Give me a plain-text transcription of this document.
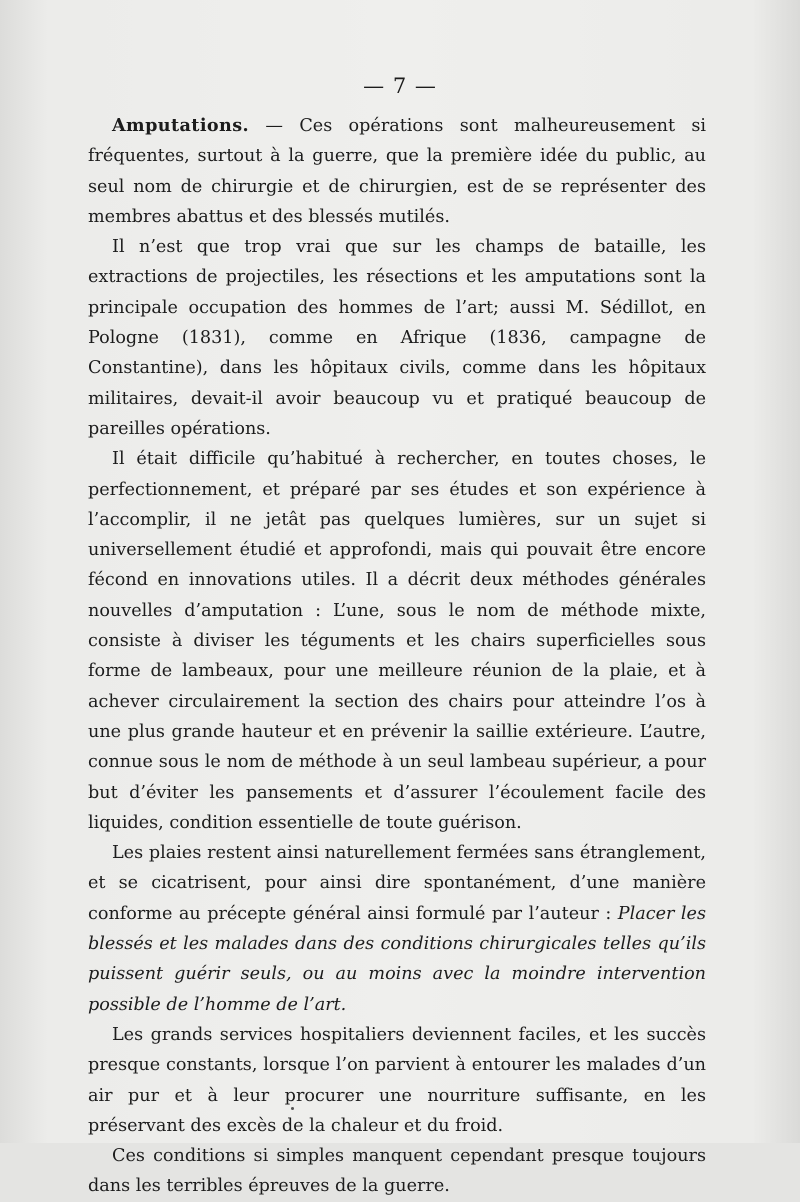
— 7 —

Amputations. — Ces opérations sont malheureusement si fréquentes, surtout à la guerre, que la première idée du public, au seul nom de chirurgie et de chirurgien, est de se représenter des membres abattus et des blessés mutilés.

Il n’est que trop vrai que sur les champs de bataille, les extractions de projectiles, les résections et les amputations sont la principale occupation des hommes de l’art; aussi M. Sédillot, en Pologne (1831), comme en Afrique (1836, campagne de Constantine), dans les hôpitaux civils, comme dans les hôpitaux militaires, devait-il avoir beaucoup vu et pratiqué beaucoup de pareilles opérations.

Il était difficile qu’habitué à rechercher, en toutes choses, le perfectionnement, et préparé par ses études et son expérience à l’accomplir, il ne jetât pas quelques lumières, sur un sujet si universellement étudié et approfondi, mais qui pouvait être encore fécond en innovations utiles. Il a décrit deux méthodes générales nouvelles d’amputation : L’une, sous le nom de méthode mixte, consiste à diviser les téguments et les chairs superficielles sous forme de lambeaux, pour une meilleure réunion de la plaie, et à achever circulairement la section des chairs pour atteindre l’os à une plus grande hauteur et en prévenir la saillie extérieure. L’autre, connue sous le nom de méthode à un seul lambeau supérieur, a pour but d’éviter les pansements et d’assurer l’écoulement facile des liquides, condition essentielle de toute guérison.

Les plaies restent ainsi naturellement fermées sans étranglement, et se cicatrisent, pour ainsi dire spontanément, d’une manière conforme au précepte général ainsi formulé par l’auteur : Placer les blessés et les malades dans des conditions chirurgicales telles qu’ils puissent guérir seuls, ou au moins avec la moindre intervention possible de l’homme de l’art.

Les grands services hospitaliers deviennent faciles, et les succès presque constants, lorsque l’on parvient à entourer les malades d’un air pur et à leur procurer une nourriture suffisante, en les préservant des excès de la chaleur et du froid.

Ces conditions si simples manquent cependant presque toujours dans les terribles épreuves de la guerre.
